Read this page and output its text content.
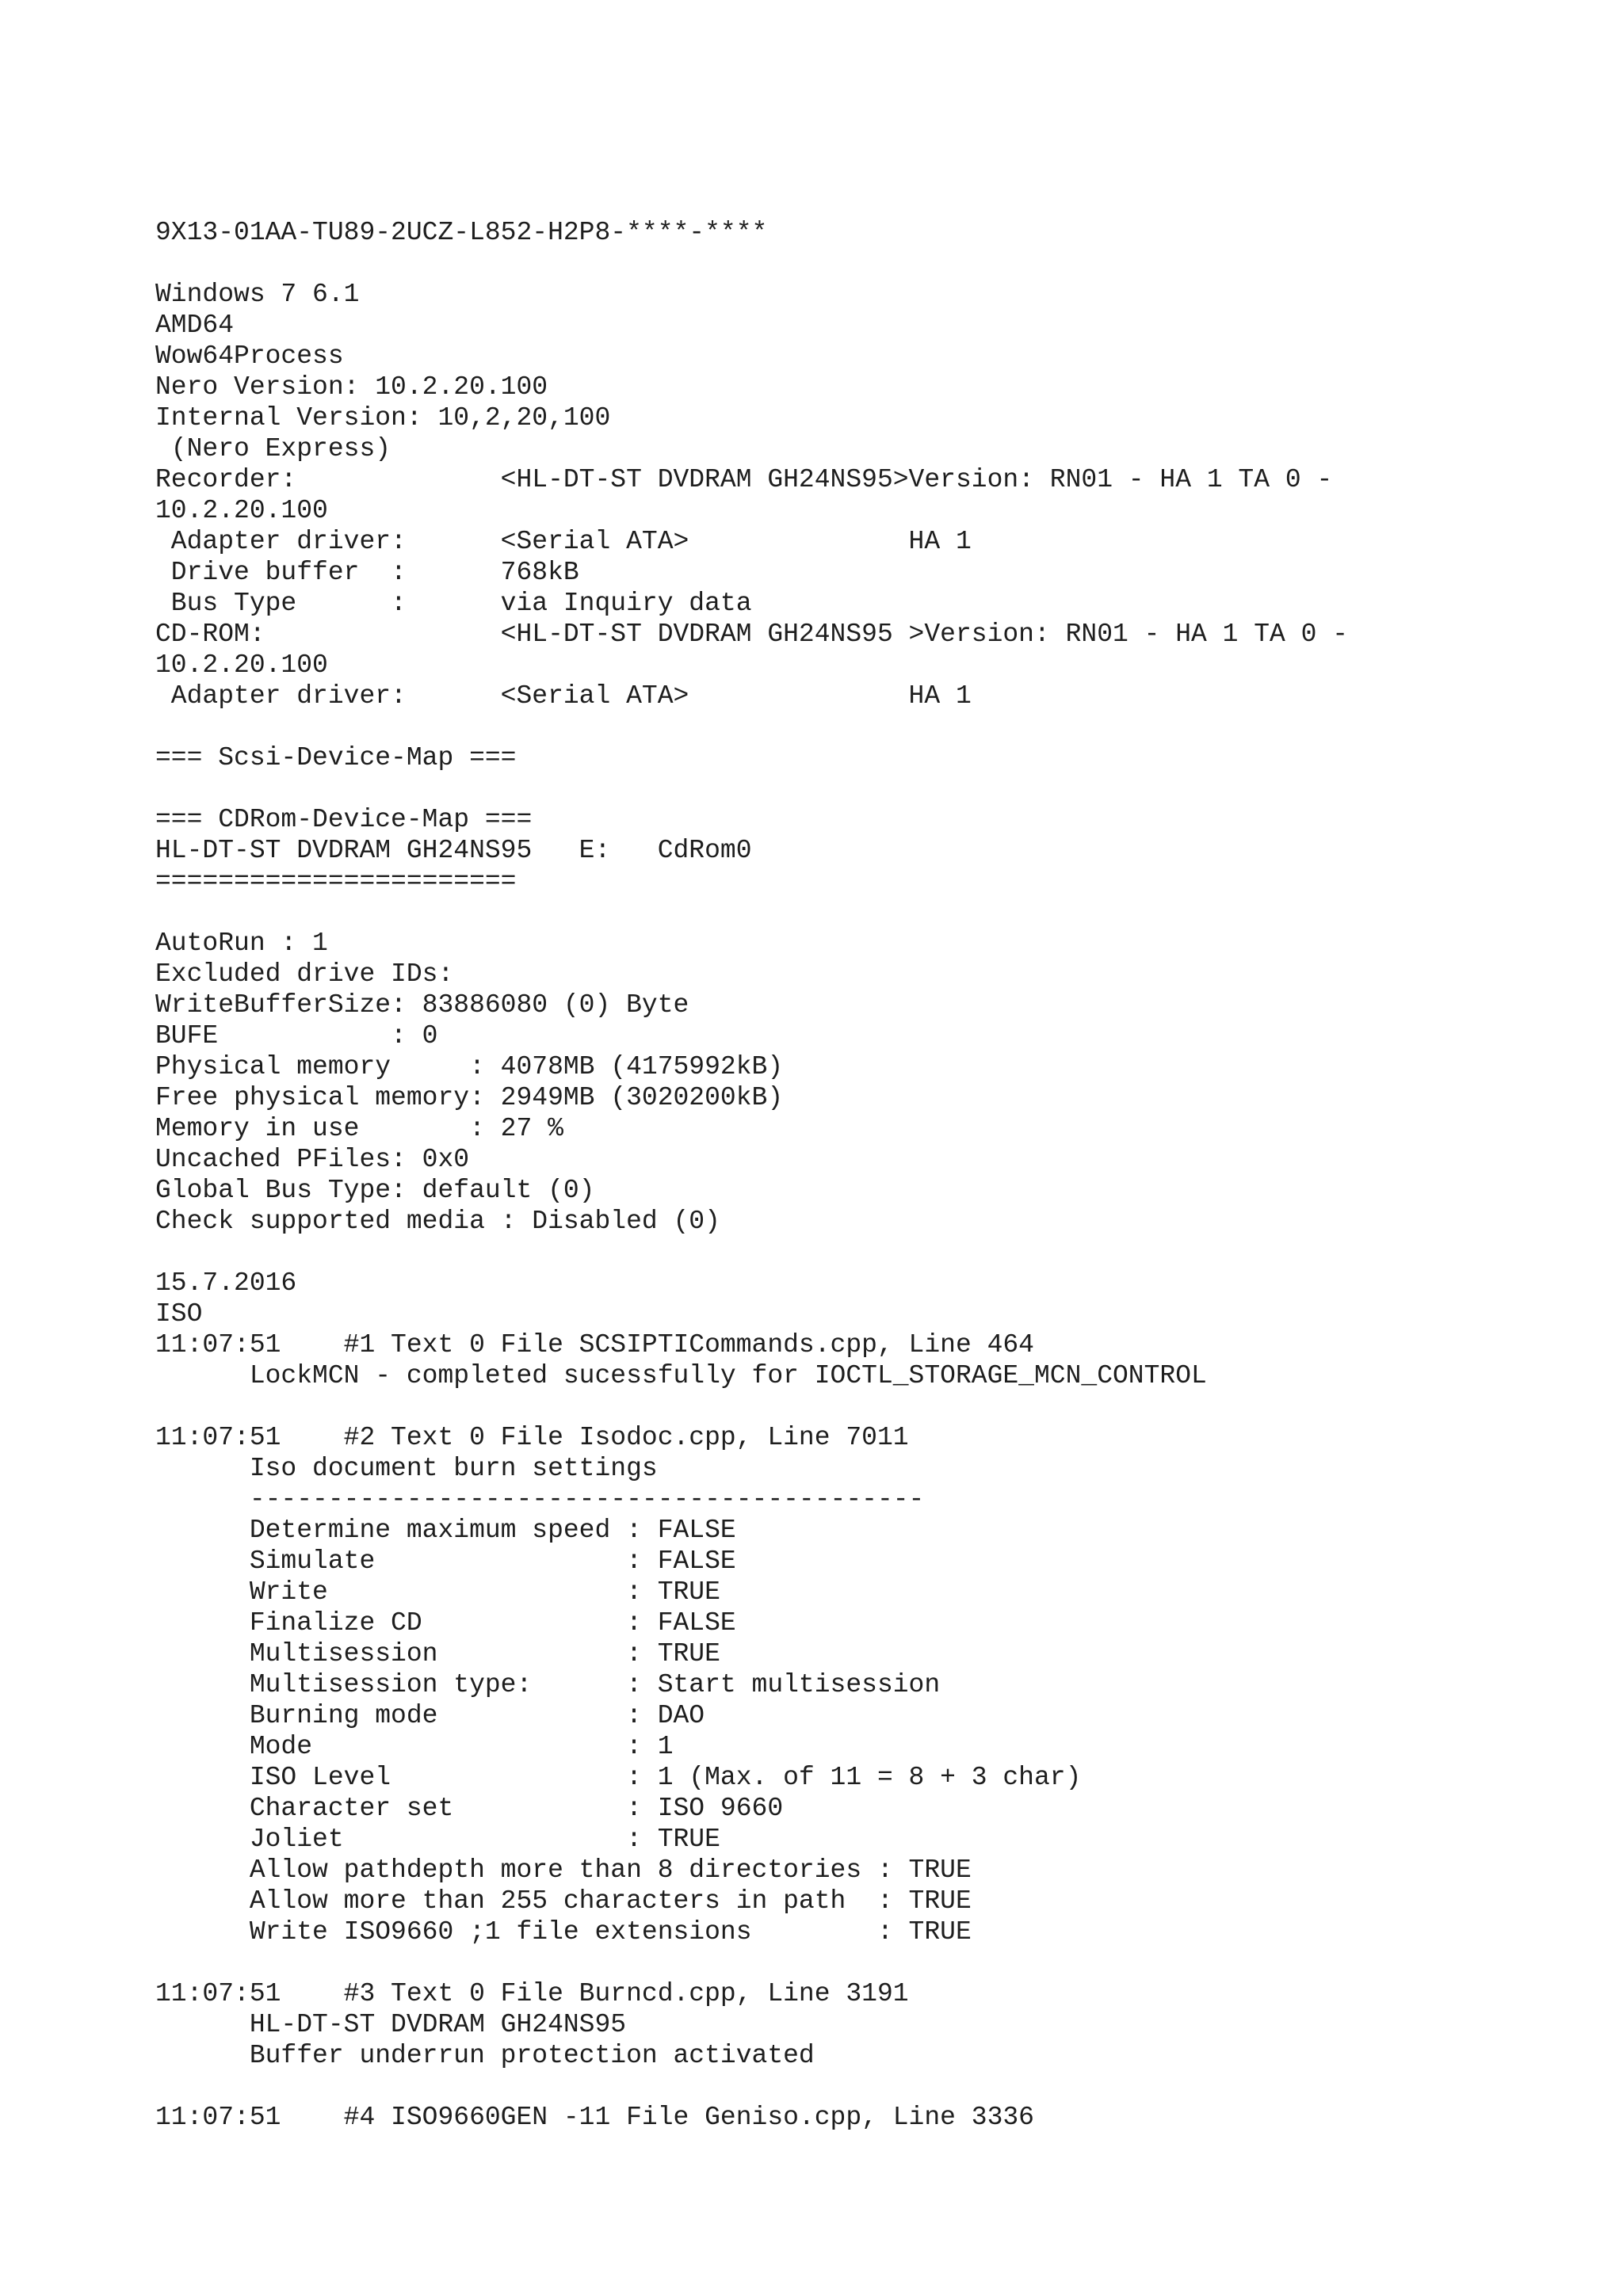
9X13-01AA-TU89-2UCZ-L852-H2P8-****-****

Windows 7 6.1
AMD64
Wow64Process
Nero Version: 10.2.20.100
Internal Version: 10,2,20,100
(Nero Express)
Recorder:             <HL-DT-ST DVDRAM GH24NS95>Version: RN01 - HA 1 TA 0 -
10.2.20.100
Adapter driver:      <Serial ATA>              HA 1
Drive buffer  :      768kB
Bus Type      :      via Inquiry data
CD-ROM:               <HL-DT-ST DVDRAM GH24NS95 >Version: RN01 - HA 1 TA 0 -
10.2.20.100
Adapter driver:      <Serial ATA>              HA 1

=== Scsi-Device-Map ===

=== CDRom-Device-Map ===
HL-DT-ST DVDRAM GH24NS95   E:   CdRom0
=======================

AutoRun : 1
Excluded drive IDs:
WriteBufferSize: 83886080 (0) Byte
BUFE           : 0
Physical memory     : 4078MB (4175992kB)
Free physical memory: 2949MB (3020200kB)
Memory in use       : 27 %
Uncached PFiles: 0x0
Global Bus Type: default (0)
Check supported media : Disabled (0)

15.7.2016
ISO
11:07:51    #1 Text 0 File SCSIPTICommands.cpp, Line 464
LockMCN - completed sucessfully for IOCTL_STORAGE_MCN_CONTROL

11:07:51    #2 Text 0 File Isodoc.cpp, Line 7011
Iso document burn settings
-------------------------------------------
Determine maximum speed : FALSE
Simulate                : FALSE
Write                   : TRUE
Finalize CD             : FALSE
Multisession            : TRUE
Multisession type:      : Start multisession
Burning mode            : DAO
Mode                    : 1
ISO Level               : 1 (Max. of 11 = 8 + 3 char)
Character set           : ISO 9660
Joliet                  : TRUE
Allow pathdepth more than 8 directories : TRUE
Allow more than 255 characters in path  : TRUE
Write ISO9660 ;1 file extensions        : TRUE

11:07:51    #3 Text 0 File Burncd.cpp, Line 3191
HL-DT-ST DVDRAM GH24NS95
Buffer underrun protection activated

11:07:51    #4 ISO9660GEN -11 File Geniso.cpp, Line 3336
